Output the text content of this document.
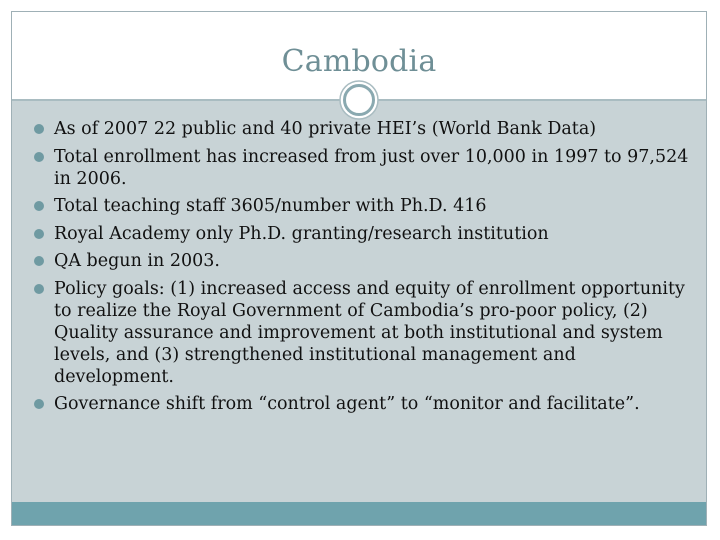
Cambodia
As of 2007 22 public and 40 private HEI’s (World Bank Data)
Total enrollment has increased from just over 10,000 in 1997 to 97,524 in 2006.
Total teaching staff 3605/number with Ph.D. 416
Royal Academy only Ph.D. granting/research institution
QA begun in 2003.
Policy goals: (1) increased access and equity of enrollment opportunity to realize the Royal Government of Cambodia’s pro-poor policy, (2) Quality assurance and improvement at both institutional and system levels, and (3) strengthened institutional management and development.
Governance shift from “control agent” to “monitor and facilitate”.
